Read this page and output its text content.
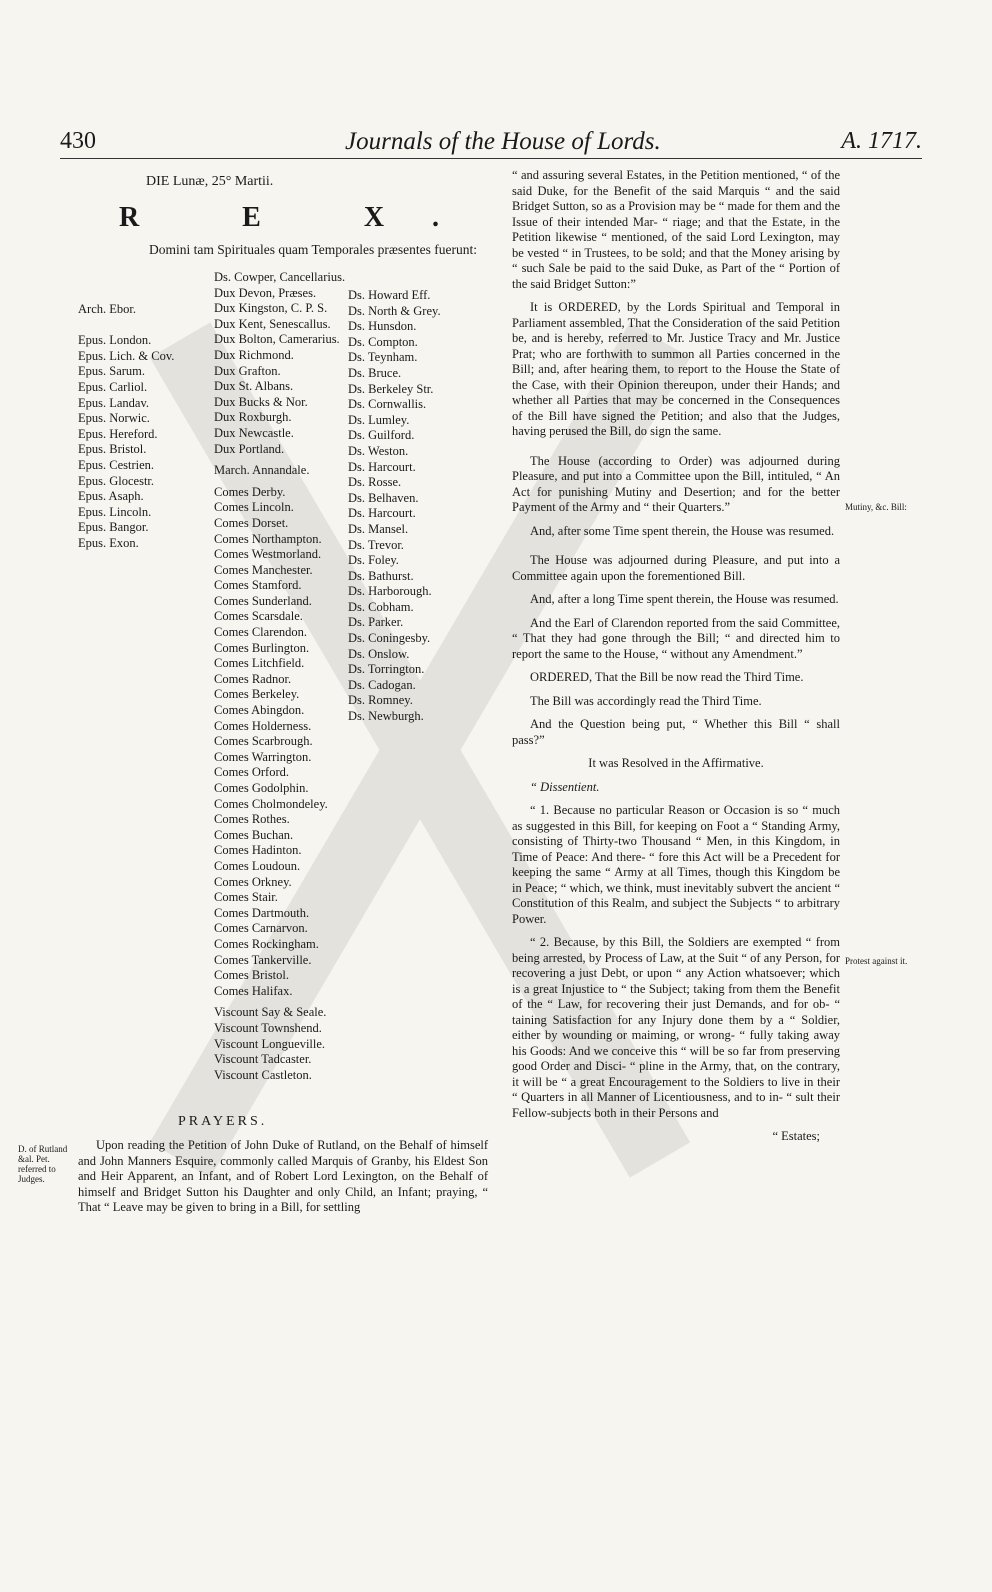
430	Journals of the House of Lords.	A. 1717.
DIE Lunæ, 25° Martii.
R E X.
Domini tam Spirituales quam Temporales præsentes fuerunt:
Arch. Ebor.

Epus. London.
Epus. Lich. & Cov.
Epus. Sarum.
Epus. Carliol.
Epus. Landav.
Epus. Norwic.
Epus. Hereford.
Epus. Bristol.
Epus. Cestrien.
Epus. Glocestr.
Epus. Asaph.
Epus. Lincoln.
Epus. Bangor.
Epus. Exon.
Ds. Cowper, Cancellarius.
Dux Devon, Præses.
Dux Kingston, C. P. S.
Dux Kent, Senescallus.
Dux Bolton, Camerarius.
Dux Richmond.
Dux Grafton.
Dux St. Albans.
Dux Bucks & Nor.
Dux Roxburgh.
Dux Newcastle.
Dux Portland.
March. Annandale.
Comes Derby.
Comes Lincoln.
Comes Dorset.
Comes Northampton.
Comes Westmorland.
Comes Manchester.
Comes Stamford.
Comes Sunderland.
Comes Scarsdale.
Comes Clarendon.
Comes Burlington.
Comes Litchfield.
Comes Radnor.
Comes Berkeley.
Comes Abingdon.
Comes Holderness.
Comes Scarbrough.
Comes Warrington.
Comes Orford.
Comes Godolphin.
Comes Cholmondeley.
Comes Rothes.
Comes Buchan.
Comes Hadinton.
Comes Loudoun.
Comes Orkney.
Comes Stair.
Comes Dartmouth.
Comes Carnarvon.
Comes Rockingham.
Comes Tankerville.
Comes Bristol.
Comes Halifax.
Viscount Say & Seale.
Viscount Townshend.
Viscount Longueville.
Viscount Tadcaster.
Viscount Castleton.
Ds. Howard Eff.
Ds. North & Grey.
Ds. Hunsdon.
Ds. Compton.
Ds. Teynham.
Ds. Bruce.
Ds. Berkeley Str.
Ds. Cornwallis.
Ds. Lumley.
Ds. Guilford.
Ds. Weston.
Ds. Harcourt.
Ds. Rosse.
Ds. Belhaven.
Ds. Harcourt.
Ds. Mansel.
Ds. Trevor.
Ds. Foley.
Ds. Bathurst.
Ds. Harborough.
Ds. Cobham.
Ds. Parker.
Ds. Coningesby.
Ds. Onslow.
Ds. Torrington.
Ds. Cadogan.
Ds. Romney.
Ds. Newburgh.
PRAYERS.
D. of Rutland &al. Pet. referred to Judges.

Upon reading the Petition of John Duke of Rutland, on the Behalf of himself and John Manners Esquire, commonly called Marquis of Granby, his Eldest Son and Heir Apparent, an Infant, and of Robert Lord Lexington, on the Behalf of himself and Bridget Sutton his Daughter and only Child, an Infant; praying, “ That “ Leave may be given to bring in a Bill, for settling

“ and assuring several Estates, in the Petition mentioned, “ of the said Duke, for the Benefit of the said Marquis “ and the said Bridget Sutton, so as a Provision may be “ made for them and the Issue of their intended Mar- “ riage; and that the Estate, in the Petition likewise “ mentioned, of the said Lord Lexington, may be vested “ in Trustees, to be sold; and that the Money arising by “ such Sale be paid to the said Duke, as Part of the “ Portion of the said Bridget Sutton:”

It is ORDERED, by the Lords Spiritual and Temporal in Parliament assembled, That the Consideration of the said Petition be, and is hereby, referred to Mr. Justice Tracy and Mr. Justice Prat; who are forthwith to summon all Parties concerned in the Bill; and, after hearing them, to report to the House the State of the Case, with their Opinion thereupon, under their Hands; and whether all Parties that may be concerned in the Consequences of the Bill have signed the Petition; and also that the Judges, having perused the Bill, do sign the same.

The House (according to Order) was adjourned during Pleasure, and put into a Committee upon the Bill, intituled, “ An Act for punishing Mutiny and Desertion; and for the better Payment of the Army and “ their Quarters.”

And, after some Time spent therein, the House was resumed.

The House was adjourned during Pleasure, and put into a Committee again upon the forementioned Bill.

And, after a long Time spent therein, the House was resumed.

And the Earl of Clarendon reported from the said Committee, “ That they had gone through the Bill; “ and directed him to report the same to the House, “ without any Amendment.”

ORDERED, That the Bill be now read the Third Time.

The Bill was accordingly read the Third Time.

And the Question being put, “ Whether this Bill “ shall pass?”

It was Resolved in the Affirmative.

“ Dissentient.

“ 1. Because no particular Reason or Occasion is so “ much as suggested in this Bill, for keeping on Foot a “ Standing Army, consisting of Thirty-two Thousand “ Men, in this Kingdom, in Time of Peace: And there- “ fore this Act will be a Precedent for keeping the same “ Army at all Times, though this Kingdom be in Peace; “ which, we think, must inevitably subvert the ancient “ Constitution of this Realm, and subject the Subjects “ to arbitrary Power.

“ 2. Because, by this Bill, the Soldiers are exempted “ from being arrested, by Process of Law, at the Suit “ of any Person, for recovering a just Debt, or upon “ any Action whatsoever; which is a great Injustice to “ the Subject; taking from them the Benefit of the “ Law, for recovering their just Demands, and for ob- “ taining Satisfaction for any Injury done them by a “ Soldier, either by wounding or maiming, or wrong- “ fully taking away his Goods: And we conceive this “ will be so far from preserving good Order and Disci- “ pline in the Army, that, on the contrary, it will be “ a great Encouragement to the Soldiers to live in their “ Quarters in all Manner of Licentiousness, and to in- “ sult their Fellow-subjects both in their Persons and

“ Estates;
Mutiny, &c. Bill:
Protest against it.
